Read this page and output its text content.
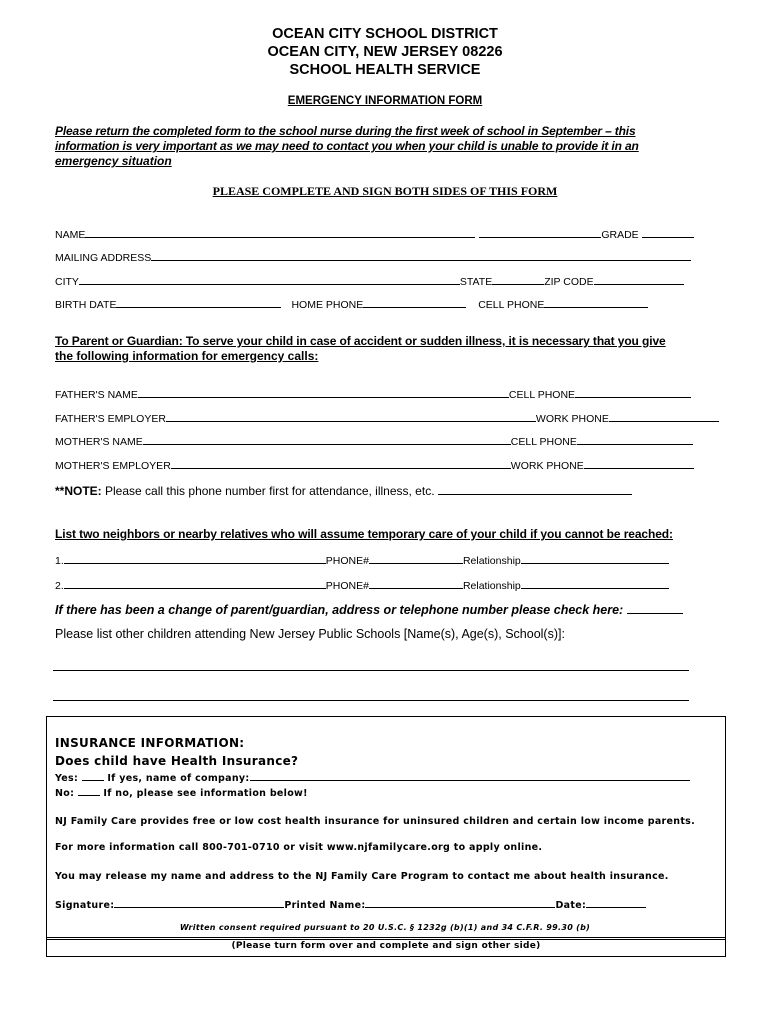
OCEAN CITY SCHOOL DISTRICT
OCEAN CITY, NEW JERSEY 08226
SCHOOL HEALTH SERVICE
EMERGENCY INFORMATION FORM
Please return the completed form to the school nurse during the first week of school in September – this
information is very important as we may need to contact you when your child is unable to provide it in an
emergency situation
PLEASE COMPLETE AND SIGN BOTH SIDES OF THIS FORM
NAME	GRADE
MAILING ADDRESS
CITY	STATE	ZIP CODE
BIRTH DATE	HOME PHONE	CELL PHONE
To Parent or Guardian: To serve your child in case of accident or sudden illness, it is necessary that you give
the following information for emergency calls:
FATHER'S NAME	CELL PHONE
FATHER'S EMPLOYER	WORK PHONE
MOTHER'S NAME	CELL PHONE
MOTHER'S EMPLOYER	WORK PHONE
**NOTE: Please call this phone number first for attendance, illness, etc.
List two neighbors or nearby relatives who will assume temporary care of your child if you cannot be reached:
1.	PHONE#	Relationship
2.	PHONE#	Relationship
If there has been a change of parent/guardian, address or telephone number please check here:
Please list other children attending New Jersey Public Schools [Name(s), Age(s), School(s)]:
INSURANCE INFORMATION:
Does child have Health Insurance?
Yes:	If yes, name of company:
No:	If no, please see information below!
NJ Family Care provides free or low cost health insurance for uninsured children and certain low income parents.
For more information call 800-701-0710 or visit www.njfamilycare.org to apply online.
You may release my name and address to the NJ Family Care Program to contact me about health insurance.
Signature:	Printed Name:	Date:
Written consent required pursuant to 20 U.S.C. § 1232g (b)(1) and 34 C.F.R. 99.30 (b)
(Please turn form over and complete and sign other side)
